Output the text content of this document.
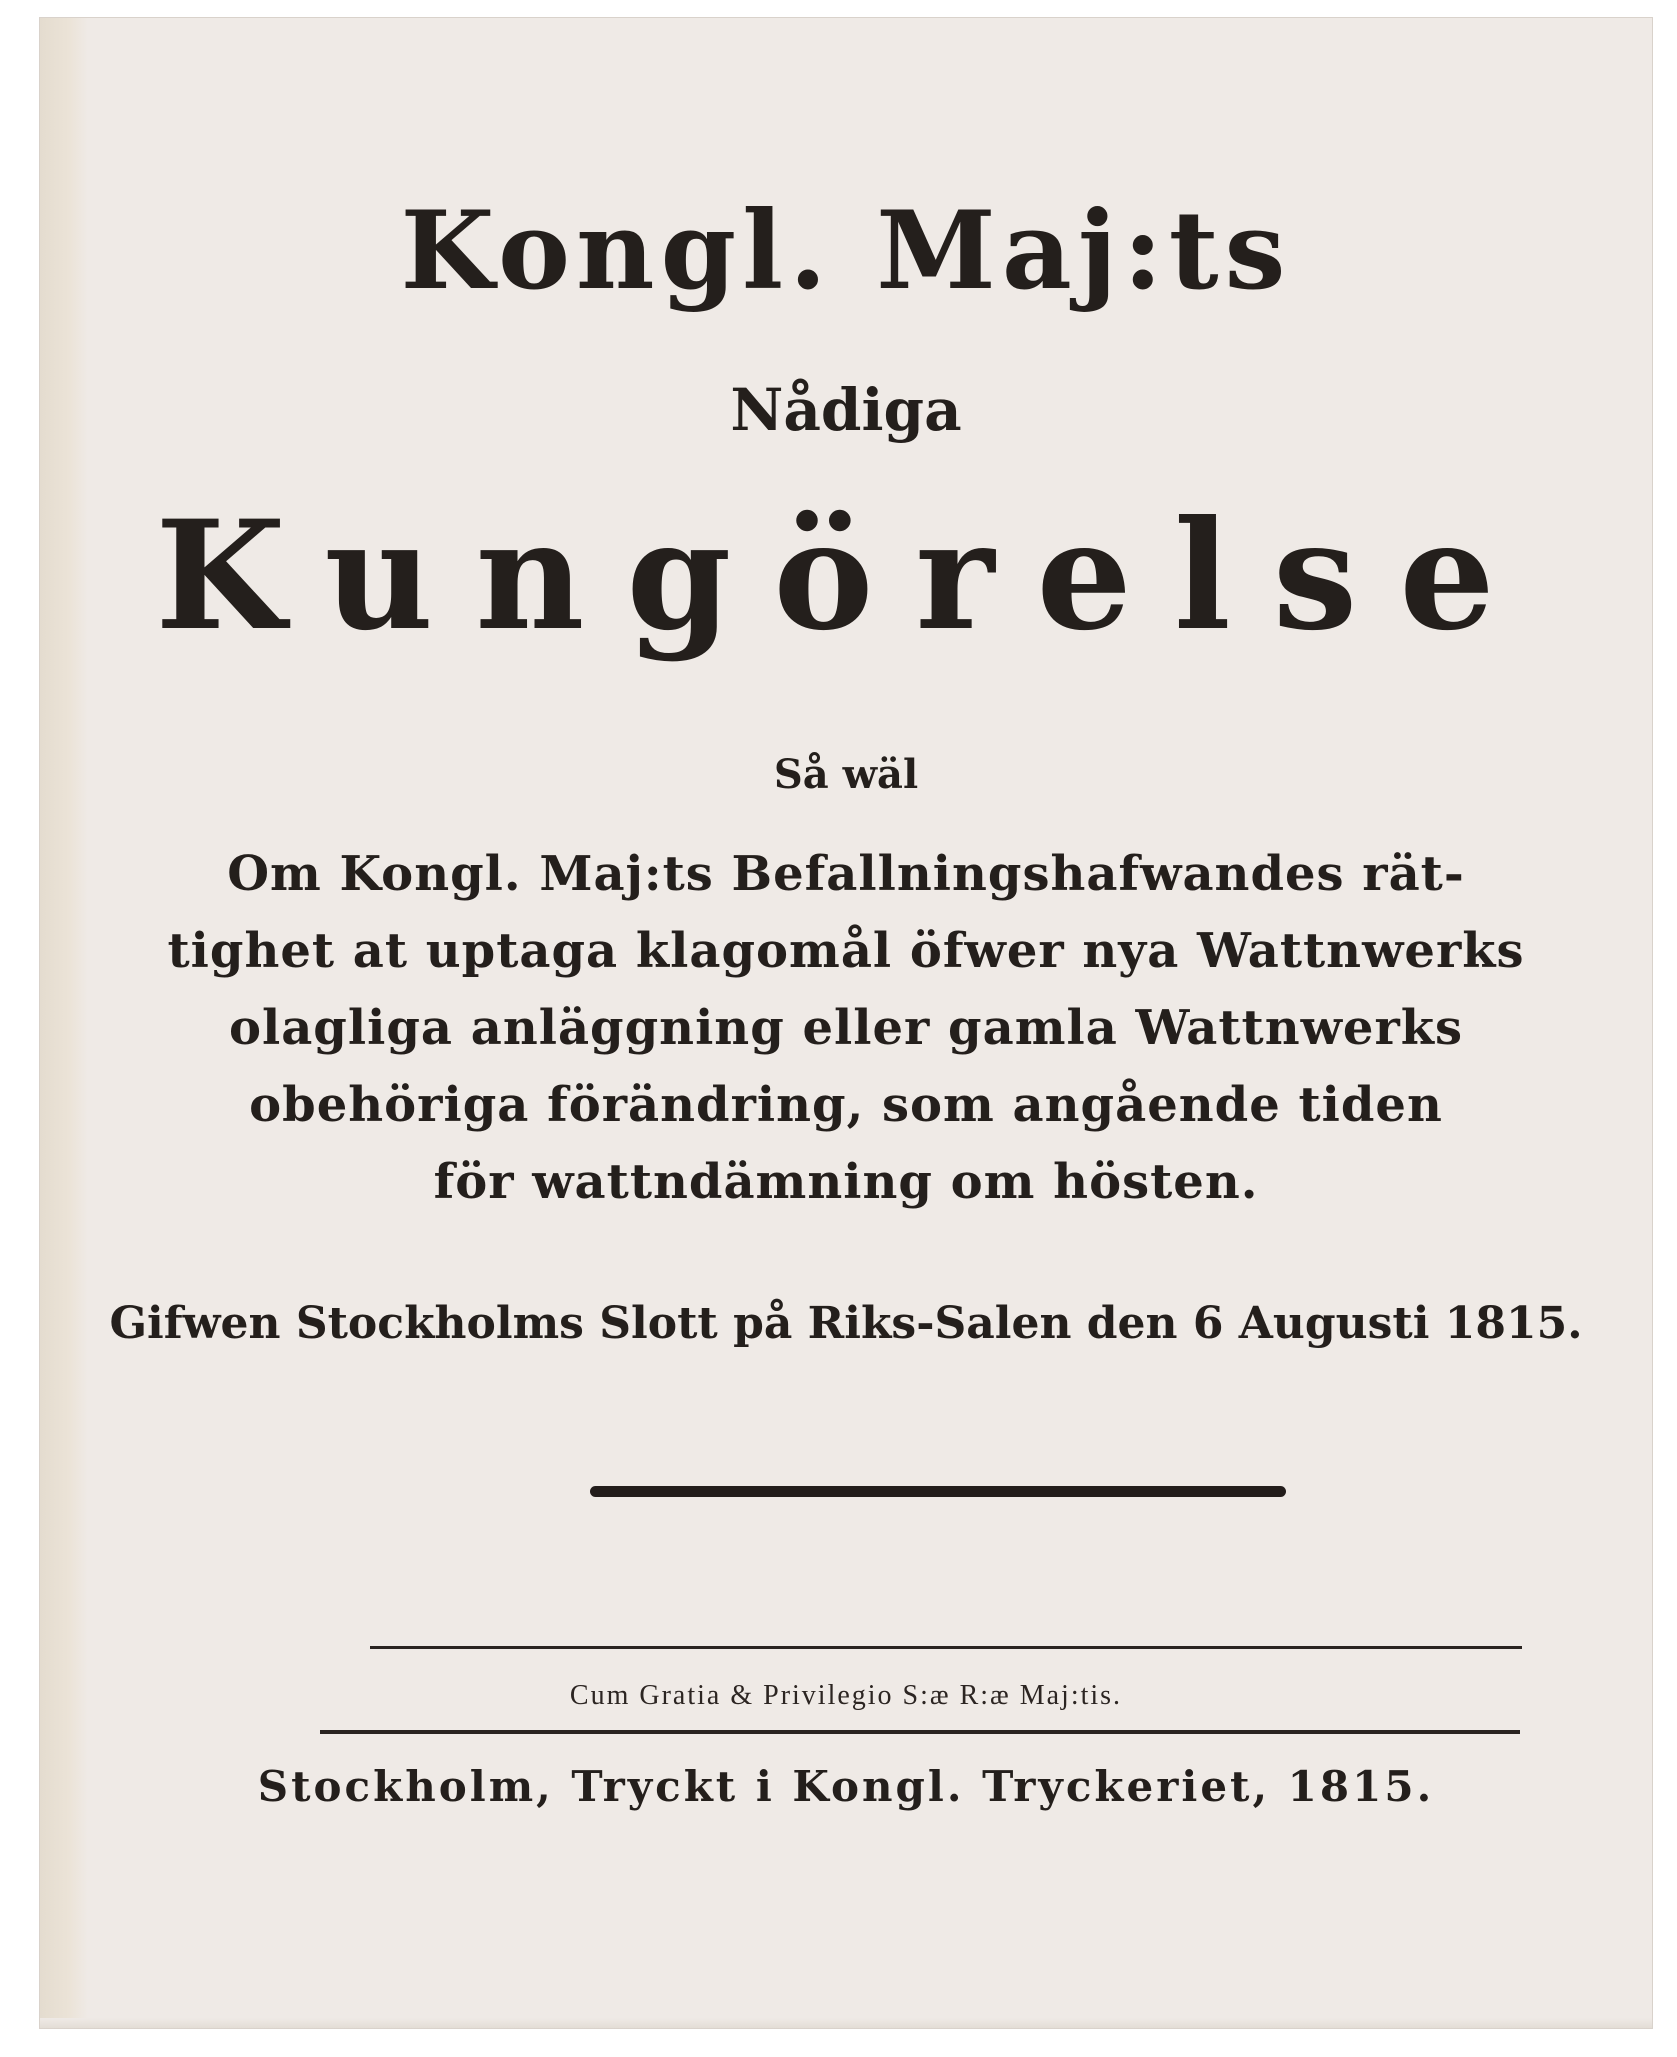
Kongl. Maj:ts
Nådiga
Kungörelse
Så wäl
Om Kongl. Maj:ts Befallningshafwandes rät-
tighet at uptaga klagomål öfwer nya Wattnwerks
olagliga anläggning eller gamla Wattnwerks
obehöriga förändring, som angående tiden
för wattndämning om hösten.
Gifwen Stockholms Slott på Riks-Salen den 6 Augusti 1815.
Cum Gratia & Privilegio S:æ R:æ Maj:tis.
Stockholm, Tryckt i Kongl. Tryckeriet, 1815.
